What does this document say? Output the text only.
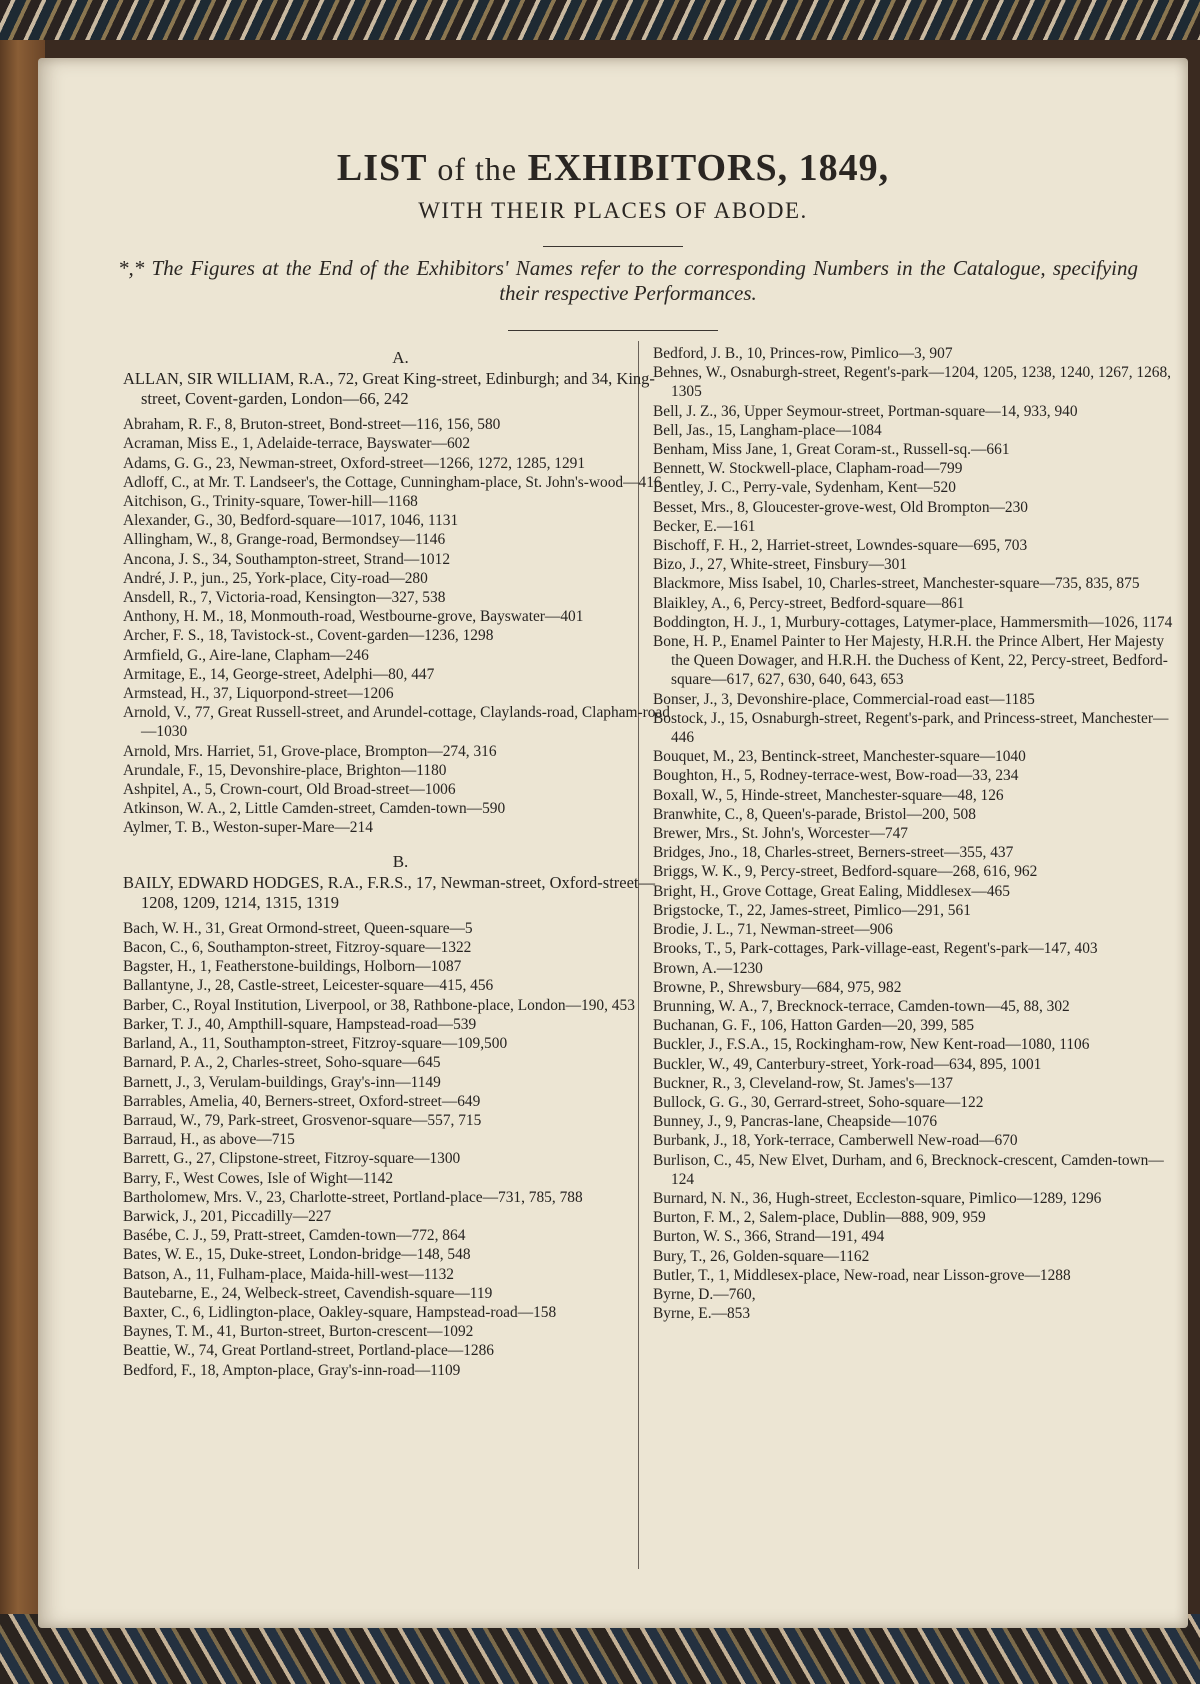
LIST of the EXHIBITORS, 1849,
WITH THEIR PLACES OF ABODE.
*,* The Figures at the End of the Exhibitors' Names refer to the corresponding Numbers in the Catalogue, specifying their respective Performances.
A.
ALLAN, SIR WILLIAM, R.A., 72, Great King-street, Edinburgh; and 34, King-street, Covent-garden, London—66, 242
Abraham, R. F., 8, Bruton-street, Bond-street—116, 156, 580
Acraman, Miss E., 1, Adelaide-terrace, Bayswater—602
Adams, G. G., 23, Newman-street, Oxford-street—1266, 1272, 1285, 1291
Adloff, C., at Mr. T. Landseer's, the Cottage, Cunningham-place, St. John's-wood—416
Aitchison, G., Trinity-square, Tower-hill—1168
Alexander, G., 30, Bedford-square—1017, 1046, 1131
Allingham, W., 8, Grange-road, Bermondsey—1146
Ancona, J. S., 34, Southampton-street, Strand—1012
André, J. P., jun., 25, York-place, City-road—280
Ansdell, R., 7, Victoria-road, Kensington—327, 538
Anthony, H. M., 18, Monmouth-road, Westbourne-grove, Bayswater—401
Archer, F. S., 18, Tavistock-st., Covent-garden—1236, 1298
Armfield, G., Aire-lane, Clapham—246
Armitage, E., 14, George-street, Adelphi—80, 447
Armstead, H., 37, Liquorpond-street—1206
Arnold, V., 77, Great Russell-street, and Arundel-cottage, Claylands-road, Clapham-road—1030
Arnold, Mrs. Harriet, 51, Grove-place, Brompton—274, 316
Arundale, F., 15, Devonshire-place, Brighton—1180
Ashpitel, A., 5, Crown-court, Old Broad-street—1006
Atkinson, W. A., 2, Little Camden-street, Camden-town—590
Aylmer, T. B., Weston-super-Mare—214
B.
BAILY, EDWARD HODGES, R.A., F.R.S., 17, Newman-street, Oxford-street—1208, 1209, 1214, 1315, 1319
Bach, W. H., 31, Great Ormond-street, Queen-square—5
Bacon, C., 6, Southampton-street, Fitzroy-square—1322
Bagster, H., 1, Featherstone-buildings, Holborn—1087
Ballantyne, J., 28, Castle-street, Leicester-square—415, 456
Barber, C., Royal Institution, Liverpool, or 38, Rathbone-place, London—190, 453
Barker, T. J., 40, Ampthill-square, Hampstead-road—539
Barland, A., 11, Southampton-street, Fitzroy-square—109,500
Barnard, P. A., 2, Charles-street, Soho-square—645
Barnett, J., 3, Verulam-buildings, Gray's-inn—1149
Barrables, Amelia, 40, Berners-street, Oxford-street—649
Barraud, W., 79, Park-street, Grosvenor-square—557, 715
Barraud, H., as above—715
Barrett, G., 27, Clipstone-street, Fitzroy-square—1300
Barry, F., West Cowes, Isle of Wight—1142
Bartholomew, Mrs. V., 23, Charlotte-street, Portland-place—731, 785, 788
Barwick, J., 201, Piccadilly—227
Basébe, C. J., 59, Pratt-street, Camden-town—772, 864
Bates, W. E., 15, Duke-street, London-bridge—148, 548
Batson, A., 11, Fulham-place, Maida-hill-west—1132
Bautebarne, E., 24, Welbeck-street, Cavendish-square—119
Baxter, C., 6, Lidlington-place, Oakley-square, Hampstead-road—158
Baynes, T. M., 41, Burton-street, Burton-crescent—1092
Beattie, W., 74, Great Portland-street, Portland-place—1286
Bedford, F., 18, Ampton-place, Gray's-inn-road—1109
Bedford, J. B., 10, Princes-row, Pimlico—3, 907
Behnes, W., Osnaburgh-street, Regent's-park—1204, 1205, 1238, 1240, 1267, 1268, 1305
Bell, J. Z., 36, Upper Seymour-street, Portman-square—14, 933, 940
Bell, Jas., 15, Langham-place—1084
Benham, Miss Jane, 1, Great Coram-st., Russell-sq.—661
Bennett, W. Stockwell-place, Clapham-road—799
Bentley, J. C., Perry-vale, Sydenham, Kent—520
Besset, Mrs., 8, Gloucester-grove-west, Old Brompton—230
Becker, E.—161
Bischoff, F. H., 2, Harriet-street, Lowndes-square—695, 703
Bizo, J., 27, White-street, Finsbury—301
Blackmore, Miss Isabel, 10, Charles-street, Manchester-square—735, 835, 875
Blaikley, A., 6, Percy-street, Bedford-square—861
Boddington, H. J., 1, Murbury-cottages, Latymer-place, Hammersmith—1026, 1174
Bone, H. P., Enamel Painter to Her Majesty, H.R.H. the Prince Albert, Her Majesty the Queen Dowager, and H.R.H. the Duchess of Kent, 22, Percy-street, Bedford-square—617, 627, 630, 640, 643, 653
Bonser, J., 3, Devonshire-place, Commercial-road east—1185
Bostock, J., 15, Osnaburgh-street, Regent's-park, and Princess-street, Manchester—446
Bouquet, M., 23, Bentinck-street, Manchester-square—1040
Boughton, H., 5, Rodney-terrace-west, Bow-road—33, 234
Boxall, W., 5, Hinde-street, Manchester-square—48, 126
Branwhite, C., 8, Queen's-parade, Bristol—200, 508
Brewer, Mrs., St. John's, Worcester—747
Bridges, Jno., 18, Charles-street, Berners-street—355, 437
Briggs, W. K., 9, Percy-street, Bedford-square—268, 616, 962
Bright, H., Grove Cottage, Great Ealing, Middlesex—465
Brigstocke, T., 22, James-street, Pimlico—291, 561
Brodie, J. L., 71, Newman-street—906
Brooks, T., 5, Park-cottages, Park-village-east, Regent's-park—147, 403
Brown, A.—1230
Browne, P., Shrewsbury—684, 975, 982
Brunning, W. A., 7, Brecknock-terrace, Camden-town—45, 88, 302
Buchanan, G. F., 106, Hatton Garden—20, 399, 585
Buckler, J., F.S.A., 15, Rockingham-row, New Kent-road—1080, 1106
Buckler, W., 49, Canterbury-street, York-road—634, 895, 1001
Buckner, R., 3, Cleveland-row, St. James's—137
Bullock, G. G., 30, Gerrard-street, Soho-square—122
Bunney, J., 9, Pancras-lane, Cheapside—1076
Burbank, J., 18, York-terrace, Camberwell New-road—670
Burlison, C., 45, New Elvet, Durham, and 6, Brecknock-crescent, Camden-town—124
Burnard, N. N., 36, Hugh-street, Eccleston-square, Pimlico—1289, 1296
Burton, F. M., 2, Salem-place, Dublin—888, 909, 959
Burton, W. S., 366, Strand—191, 494
Bury, T., 26, Golden-square—1162
Butler, T., 1, Middlesex-place, New-road, near Lisson-grove—1288
Byrne, D.—760,
Byrne, E.—853
